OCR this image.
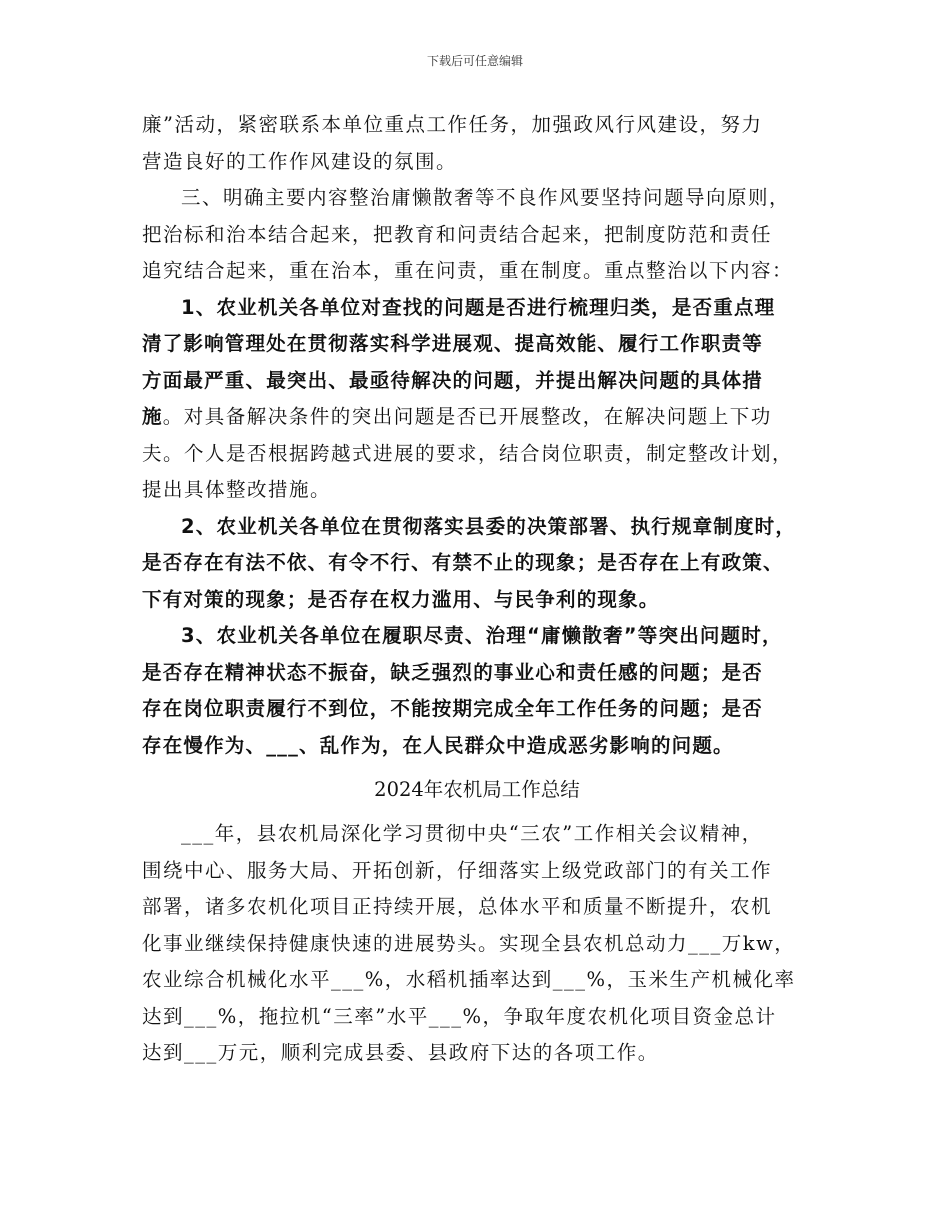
下载后可任意编辑

廉”活动，紧密联系本单位重点工作任务，加强政风行风建设，努力
营造良好的工作作风建设的氛围。

三、明确主要内容整治庸懒散奢等不良作风要坚持问题导向原则，
把治标和治本结合起来，把教育和问责结合起来，把制度防范和责任
追究结合起来，重在治本，重在问责，重在制度。重点整治以下内容：

1、农业机关各单位对查找的问题是否进行梳理归类，是否重点理
清了影响管理处在贯彻落实科学进展观、提高效能、履行工作职责等
方面最严重、最突出、最亟待解决的问题，并提出解决问题的具体措
施。对具备解决条件的突出问题是否已开展整改，在解决问题上下功
夫。个人是否根据跨越式进展的要求，结合岗位职责，制定整改计划，
提出具体整改措施。

2、农业机关各单位在贯彻落实县委的决策部署、执行规章制度时，
是否存在有法不依、有令不行、有禁不止的现象；是否存在上有政策、
下有对策的现象；是否存在权力滥用、与民争利的现象。

3、农业机关各单位在履职尽责、治理“庸懒散奢”等突出问题时，
是否存在精神状态不振奋，缺乏强烈的事业心和责任感的问题；是否
存在岗位职责履行不到位，不能按期完成全年工作任务的问题；是否
存在慢作为、___、乱作为，在人民群众中造成恶劣影响的问题。

2024年农机局工作总结

___年，县农机局深化学习贯彻中央“三农”工作相关会议精神，
围绕中心、服务大局、开拓创新，仔细落实上级党政部门的有关工作
部署，诸多农机化项目正持续开展，总体水平和质量不断提升，农机
化事业继续保持健康快速的进展势头。实现全县农机总动力___万kw，
农业综合机械化水平___%，水稻机插率达到___%，玉米生产机械化率
达到___%，拖拉机“三率”水平___%，争取年度农机化项目资金总计
达到___万元，顺利完成县委、县政府下达的各项工作。
